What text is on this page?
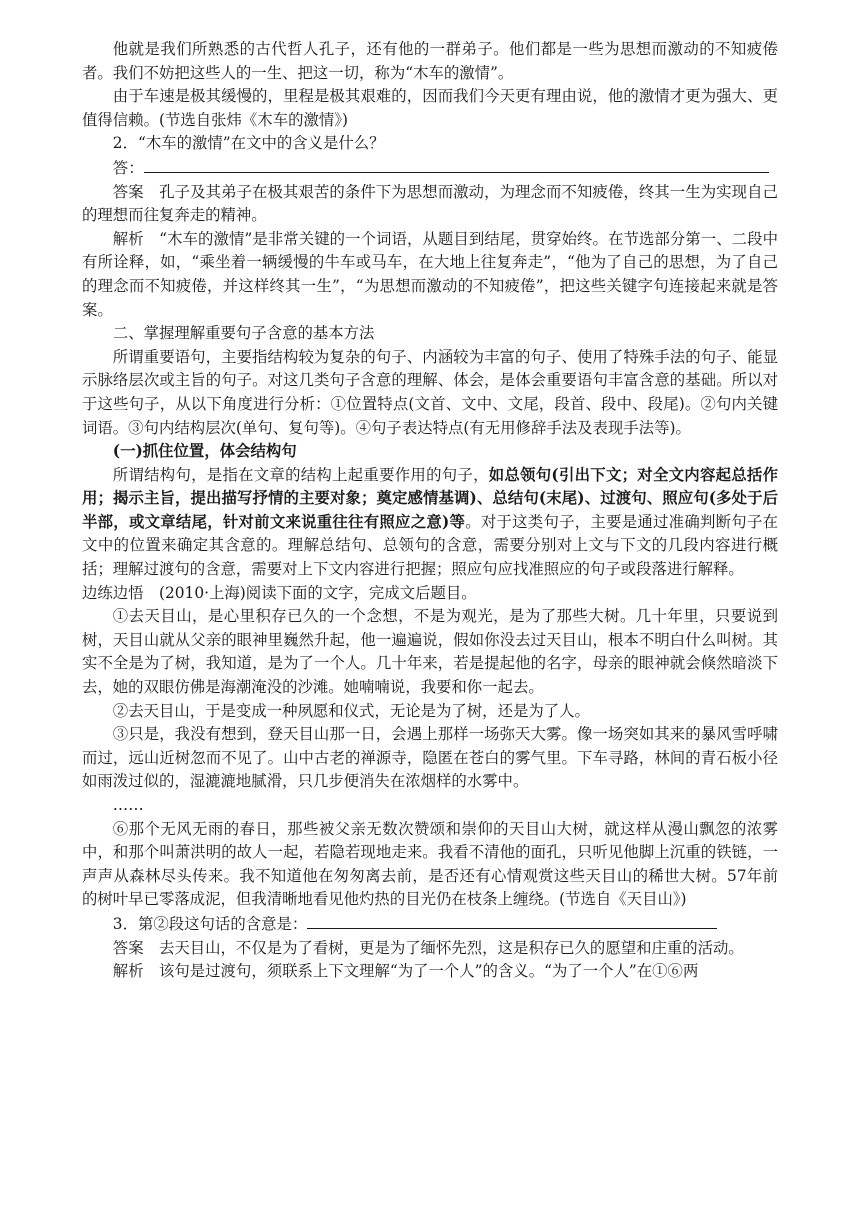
他就是我们所熟悉的古代哲人孔子，还有他的一群弟子。他们都是一些为思想而激动的不知疲倦者。我们不妨把这些人的一生、把这一切，称为“木车的激情”。

由于车速是极其缓慢的，里程是极其艰难的，因而我们今天更有理由说，他的激情才更为强大、更值得信赖。(节选自张炜《木车的激情》)

2．“木车的激情”在文中的含义是什么？

答：

答案　孔子及其弟子在极其艰苦的条件下为思想而激动，为理念而不知疲倦，终其一生为实现自己的理想而往复奔走的精神。

解析　“木车的激情”是非常关键的一个词语，从题目到结尾，贯穿始终。在节选部分第一、二段中有所诠释，如，“乘坐着一辆缓慢的牛车或马车，在大地上往复奔走”，“他为了自己的思想，为了自己的理念而不知疲倦，并这样终其一生”，“为思想而激动的不知疲倦”，把这些关键字句连接起来就是答案。

二、掌握理解重要句子含意的基本方法

所谓重要语句，主要指结构较为复杂的句子、内涵较为丰富的句子、使用了特殊手法的句子、能显示脉络层次或主旨的句子。对这几类句子含意的理解、体会，是体会重要语句丰富含意的基础。所以对于这些句子，从以下角度进行分析：①位置特点(文首、文中、文尾，段首、段中、段尾)。②句内关键词语。③句内结构层次(单句、复句等)。④句子表达特点(有无用修辞手法及表现手法等)。

(一)抓住位置，体会结构句

所谓结构句，是指在文章的结构上起重要作用的句子，如总领句(引出下文；对全文内容起总括作用；揭示主旨，提出描写抒情的主要对象；奠定感情基调)、总结句(末尾)、过渡句、照应句(多处于后半部，或文章结尾，针对前文来说重往往有照应之意)等。对于这类句子，主要是通过准确判断句子在文中的位置来确定其含意的。理解总结句、总领句的含意，需要分别对上文与下文的几段内容进行概括；理解过渡句的含意，需要对上下文内容进行把握；照应句应找准照应的句子或段落进行解释。

边练边悟　(2010·上海)阅读下面的文字，完成文后题目。

①去天目山，是心里积存已久的一个念想，不是为观光，是为了那些大树。几十年里，只要说到树，天目山就从父亲的眼神里巍然升起，他一遍遍说，假如你没去过天目山，根本不明白什么叫树。其实不全是为了树，我知道，是为了一个人。几十年来，若是提起他的名字，母亲的眼神就会倏然暗淡下去，她的双眼仿佛是海潮淹没的沙滩。她喃喃说，我要和你一起去。

②去天目山，于是变成一种夙愿和仪式，无论是为了树，还是为了人。

③只是，我没有想到，登天目山那一日，会遇上那样一场弥天大雾。像一场突如其来的暴风雪呼啸而过，远山近树忽而不见了。山中古老的禅源寺，隐匿在苍白的雾气里。下车寻路，林间的青石板小径如雨泼过似的，湿漉漉地腻滑，只几步便消失在浓烟样的水雾中。

……

⑥那个无风无雨的春日，那些被父亲无数次赞颂和崇仰的天目山大树，就这样从漫山飘忽的浓雾中，和那个叫萧洪明的故人一起，若隐若现地走来。我看不清他的面孔，只听见他脚上沉重的铁链，一声声从森林尽头传来。我不知道他在匆匆离去前，是否还有心情观赏这些天目山的稀世大树。57年前的树叶早已零落成泥，但我清晰地看见他灼热的目光仍在枝条上缠绕。(节选自《天目山》)

3．第②段这句话的含意是：

答案　去天目山，不仅是为了看树，更是为了缅怀先烈，这是积存已久的愿望和庄重的活动。

解析　该句是过渡句，须联系上下文理解“为了一个人”的含义。“为了一个人”在①⑥两
